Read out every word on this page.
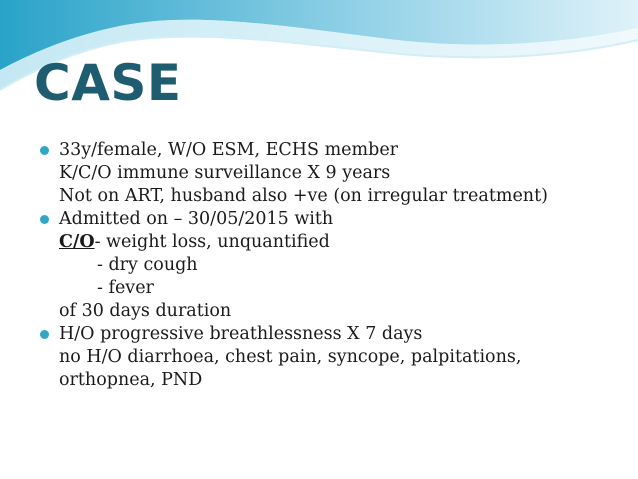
CASE
33y/female, W/O ESM, ECHS member
K/C/O immune surveillance X 9 years
Not on ART, husband also +ve (on irregular treatment)
Admitted on – 30/05/2015 with
C/O- weight loss, unquantified
- dry cough
- fever
of 30 days duration
H/O progressive breathlessness X 7 days
no H/O diarrhoea, chest pain, syncope, palpitations,
orthopnea, PND
